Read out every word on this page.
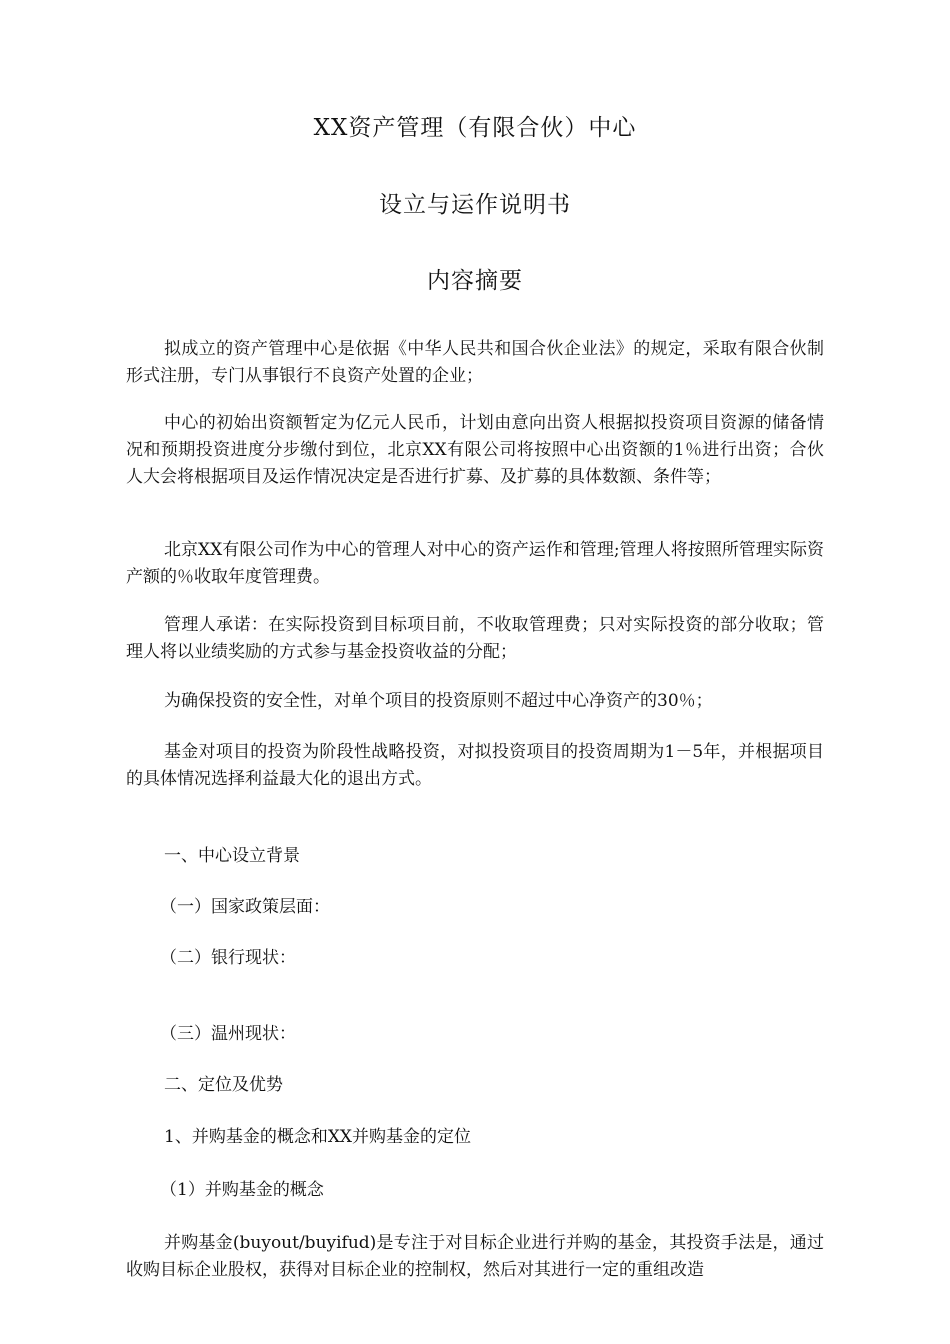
XX资产管理（有限合伙）中心
设立与运作说明书
内容摘要

拟成立的资产管理中心是依据《中华人民共和国合伙企业法》的规定，采取有限合伙制形式注册，专门从事银行不良资产处置的企业；

中心的初始出资额暂定为亿元人民币，计划由意向出资人根据拟投资项目资源的储备情况和预期投资进度分步缴付到位，北京XX有限公司将按照中心出资额的1％进行出资；合伙人大会将根据项目及运作情况决定是否进行扩募、及扩募的具体数额、条件等；

北京XX有限公司作为中心的管理人对中心的资产运作和管理;管理人将按照所管理实际资产额的％收取年度管理费。

管理人承诺：在实际投资到目标项目前，不收取管理费；只对实际投资的部分收取；管理人将以业绩奖励的方式参与基金投资收益的分配；

为确保投资的安全性，对单个项目的投资原则不超过中心净资产的30％；

基金对项目的投资为阶段性战略投资，对拟投资项目的投资周期为1－5年，并根据项目的具体情况选择利益最大化的退出方式。

一、中心设立背景

（一）国家政策层面：

（二）银行现状：

（三）温州现状：

二、定位及优势

1、并购基金的概念和XX并购基金的定位

（1）并购基金的概念

并购基金(buyout/buyifud)是专注于对目标企业进行并购的基金，其投资手法是，通过收购目标企业股权，获得对目标企业的控制权，然后对其进行一定的重组改造
